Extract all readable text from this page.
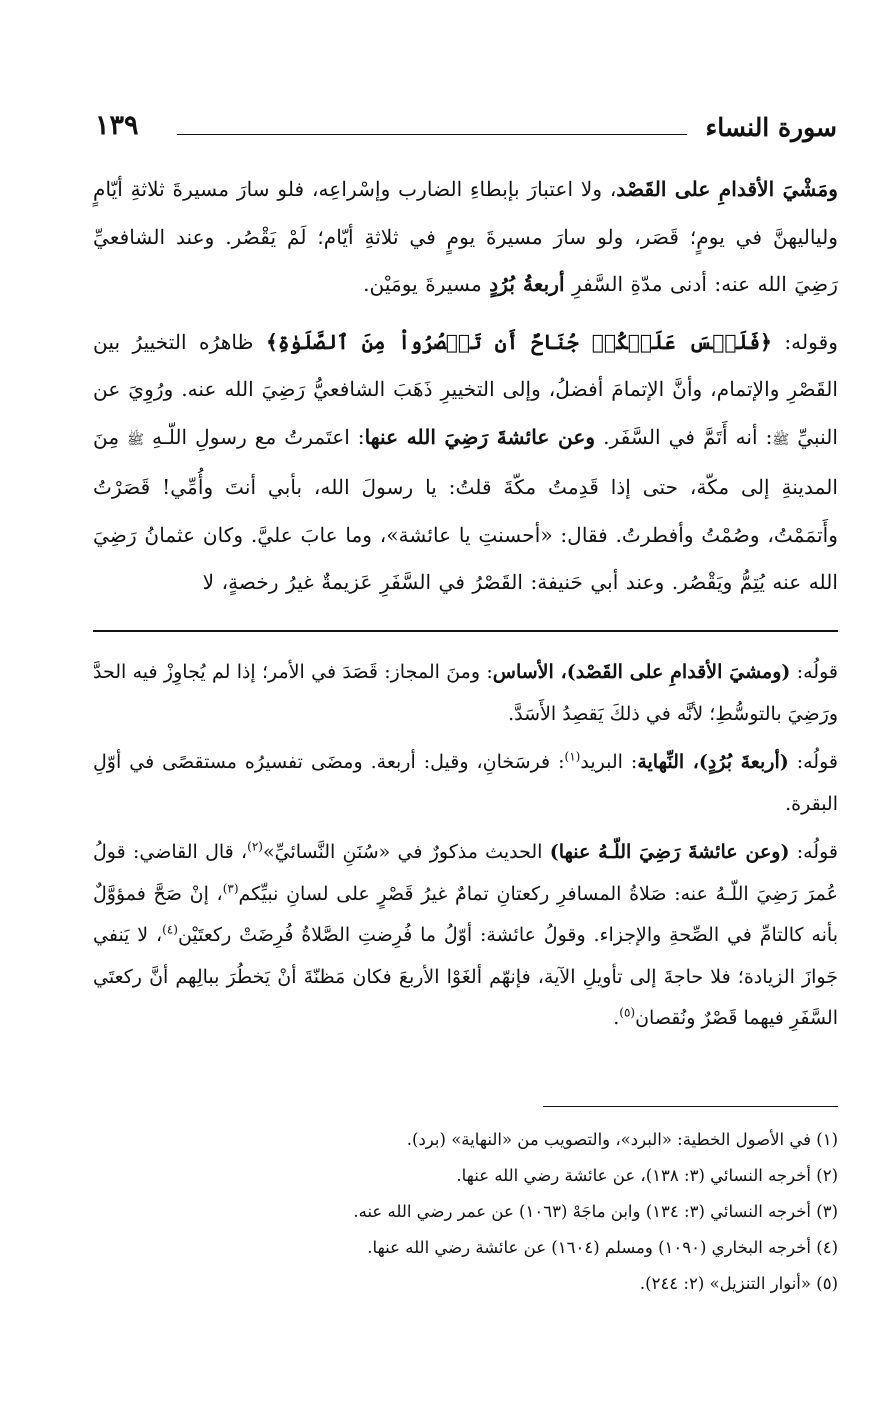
سورة النساء
١٣٩

ومَشْيَ الأقدامِ على القَصْد، ولا اعتبارَ بإبطاءِ الضارب وإسْراعِه، فلو سارَ مسيرةَ ثلاثةِ أيّامٍ ولياليهنَّ في يومٍ؛ قَصَر، ولو سارَ مسيرةَ يومٍ في ثلاثةِ أيّام؛ لَمْ يَقْصُر. وعند الشافعيِّ رَضِيَ الله عنه: أدنى مدّةِ السَّفرِ أربعةُ بُرُدٍ مسيرةَ يومَيْن.

وقوله: ﴿فَلَيۡسَ عَلَيۡكُمۡ جُنَاحٌ أَن تَقۡصُرُواْ مِنَ ٱلصَّلَوٰةِ﴾ ظاهرُه التخييرُ بين القَصْرِ والإتمام، وأنَّ الإتمامَ أفضلُ، وإلى التخييرِ ذَهَبَ الشافعيُّ رَضِيَ الله عنه. ورُوِيَ عن النبيِّ ﷺ: أنه أَتَمَّ في السَّفَر. وعن عائشةَ رَضِيَ الله عنها: اعتَمرتُ مع رسولِ اللّـهِ ﷺ مِنَ المدينةِ إلى مكّة، حتى إذا قَدِمتُ مكّةَ قلتُ: يا رسولَ الله، بأبي أنتَ وأُمِّي! قَصَرْتُ وأَتمَمْتُ، وصُمْتُ وأفطرتُ. فقال: «أحسنتِ يا عائشة»، وما عابَ عليَّ. وكان عثمانُ رَضِيَ الله عنه يُتِمُّ ويَقْصُر. وعند أبي حَنيفة: القَصْرُ في السَّفَرِ عَزيمةٌ غيرُ رخصةٍ، لا

قولُه: (ومشيَ الأقدامِ على القَصْد)، الأساس: ومنَ المجاز: قَصَدَ في الأمر؛ إذا لم يُجاوِزْ فيه الحدَّ ورَضِيَ بالتوسُّطِ؛ لأنَّه في ذلكَ يَقصِدُ الأَسَدَّ.

قولُه: (أربعةَ بُرُدٍ)، النِّهاية: البريد$^{(١)}$: فرسَخانِ، وقيل: أربعة. ومضَى تفسيرُه مستقصًى في أوّلِ البقرة.

قولُه: (وعن عائشةَ رَضِيَ اللّـهُ عنها) الحديث مذكورٌ في «سُنَنِ النَّسائيِّ»$^{(٢)}$، قال القاضي: قولُ عُمرَ رَضِيَ اللّـهُ عنه: صَلاةُ المسافرِ ركعتانِ تمامٌ غيرُ قَصْرٍ على لسانِ نبيِّكم$^{(٣)}$، إنْ صَحَّ فمؤوَّلٌ بأنه كالتامِّ في الصِّحةِ والإجزاء. وقولُ عائشة: أوّلُ ما فُرِضتِ الصَّلاةُ فُرِضَتْ ركعتَيْن$^{(٤)}$، لا يَنفي جَوازَ الزيادة؛ فلا حاجةَ إلى تأويلِ الآية، فإنهّم ألغَوْا الأربعَ فكان مَظنّةَ أنْ يَخطُرَ ببالِهم أنَّ ركعتَي السَّفَرِ فيهما قَصْرٌ ونُقصان$^{(٥)}$.

(١) في الأصول الخطية: «البرد»، والتصويب من «النهاية» (برد).
(٢) أخرجه النسائي (٣: ١٣٨)، عن عائشة رضي الله عنها.
(٣) أخرجه النسائي (٣: ١٣٤) وابن ماجَهْ (١٠٦٣) عن عمر رضي الله عنه.
(٤) أخرجه البخاري (١٠٩٠) ومسلم (١٦٠٤) عن عائشة رضي الله عنها.
(٥) «أنوار التنزيل» (٢: ٢٤٤).
